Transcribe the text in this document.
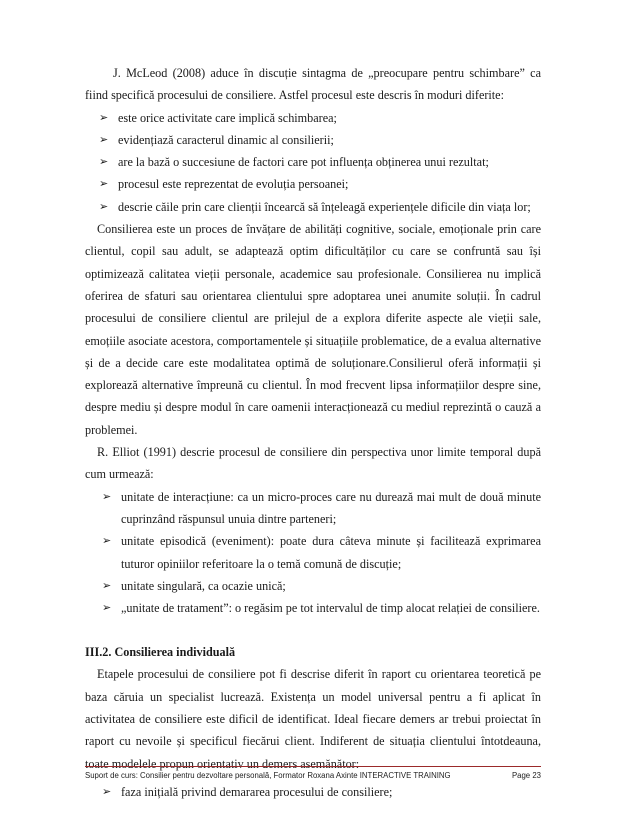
J. McLeod (2008) aduce în discuție sintagma de „preocupare pentru schimbare” ca fiind specifică procesului de consiliere. Astfel procesul este descris în moduri diferite:

➢ este orice activitate care implică schimbarea;
➢ evidențiază caracterul dinamic al consilierii;
➢ are la bază o succesiune de factori care pot influența obținerea unui rezultat;
➢ procesul este reprezentat de evoluția persoanei;
➢ descrie căile prin care clienții încearcă să înțeleagă experiențele dificile din viața lor;

Consilierea este un proces de învățare de abilități cognitive, sociale, emoționale prin care clientul, copil sau adult, se adaptează optim dificultăților cu care se confruntă sau își optimizează calitatea vieții personale, academice sau profesionale. Consilierea nu implică oferirea de sfaturi sau orientarea clientului spre adoptarea unei anumite soluții. În cadrul procesului de consiliere clientul are prilejul de a explora diferite aspecte ale vieții sale, emoțiile asociate acestora, comportamentele și situațiile problematice, de a evalua alternative și de a decide care este modalitatea optimă de soluționare.Consilierul oferă informații și explorează alternative împreună cu clientul. În mod frecvent lipsa informațiilor despre sine, despre mediu și despre modul în care oamenii interacționează cu mediul reprezintă o cauză a problemei.

R. Elliot (1991) descrie procesul de consiliere din perspectiva unor limite temporal după cum urmează:

➢ unitate de interacțiune: ca un micro-proces care nu durează mai mult de două minute cuprinzând răspunsul unuia dintre parteneri;
➢ unitate episodică (eveniment): poate dura câteva minute și facilitează exprimarea tuturor opiniilor referitoare la o temă comună de discuție;
➢ unitate singulară, ca ocazie unică;
➢ „unitate de tratament”: o regăsim pe tot intervalul de timp alocat relației de consiliere.
III.2. Consilierea individuală

Etapele procesului de consiliere pot fi descrise diferit în raport cu orientarea teoretică pe baza căruia un specialist lucrează. Existența un model universal pentru a fi aplicat în activitatea de consiliere este dificil de identificat. Ideal fiecare demers ar trebui proiectat în raport cu nevoile și specificul fiecărui client. Indiferent de situația clientului întotdeauna, toate modelele propun orientativ un demers asemănător:

➢ faza inițială privind demararea procesului de consiliere;
Suport de curs: Consilier pentru dezvoltare personală, Formator Roxana Axinte INTERACTIVE TRAINING	Page 23
